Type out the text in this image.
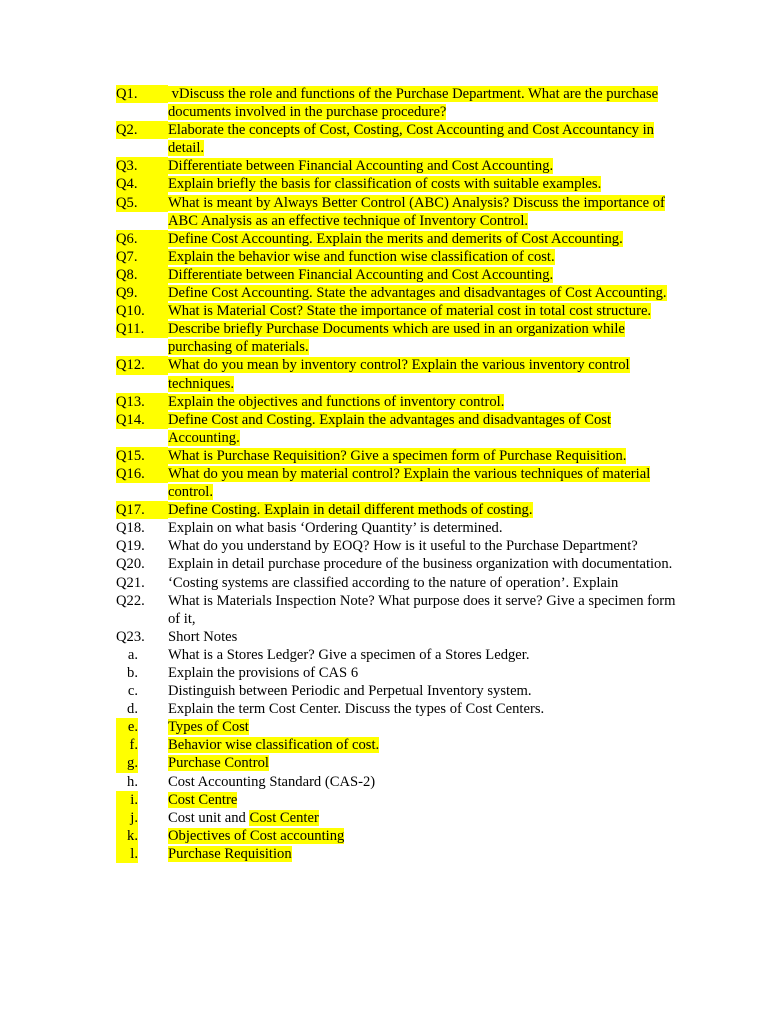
Q1.	vDiscuss the role and functions of the Purchase Department. What are the purchase documents involved in the purchase procedure?
Q2.	Elaborate the concepts of Cost, Costing, Cost Accounting and Cost Accountancy in detail.
Q3.	Differentiate between Financial Accounting and Cost Accounting.
Q4.	Explain briefly the basis for classification of costs with suitable examples.
Q5.	What is meant by Always Better Control (ABC) Analysis? Discuss the importance of ABC Analysis as an effective technique of Inventory Control.
Q6.	Define Cost Accounting. Explain the merits and demerits of Cost Accounting.
Q7.	Explain the behavior wise and function wise classification of cost.
Q8.	Differentiate between Financial Accounting and Cost Accounting.
Q9.	Define Cost Accounting. State the advantages and disadvantages of Cost Accounting.
Q10.	What is Material Cost? State the importance of material cost in total cost structure.
Q11.	Describe briefly Purchase Documents which are used in an organization while purchasing of materials.
Q12.	What do you mean by inventory control? Explain the various inventory control techniques.
Q13.	Explain the objectives and functions of inventory control.
Q14.	Define Cost and Costing. Explain the advantages and disadvantages of Cost Accounting.
Q15.	What is Purchase Requisition? Give a specimen form of Purchase Requisition.
Q16.	What do you mean by material control? Explain the various techniques of material control.
Q17.	Define Costing. Explain in detail different methods of costing.
Q18.	Explain on what basis ‘Ordering Quantity’ is determined.
Q19.	What do you understand by EOQ? How is it useful to the Purchase Department?
Q20.	Explain in detail purchase procedure of the business organization with documentation.
Q21.	‘Costing systems are classified according to the nature of operation’. Explain
Q22.	What is Materials Inspection Note? What purpose does it serve? Give a specimen form of it,
Q23.	Short Notes
a.	What is a Stores Ledger? Give a specimen of a Stores Ledger.
b.	Explain the provisions of CAS 6
c.	Distinguish between Periodic and Perpetual Inventory system.
d.	Explain the term Cost Center. Discuss the types of Cost Centers.
e.	Types of Cost
f.	Behavior wise classification of cost.
g.	Purchase Control
h.	Cost Accounting Standard (CAS-2)
i.	Cost Centre
j.	Cost unit and Cost Center
k.	Objectives of Cost accounting
l.	Purchase Requisition
